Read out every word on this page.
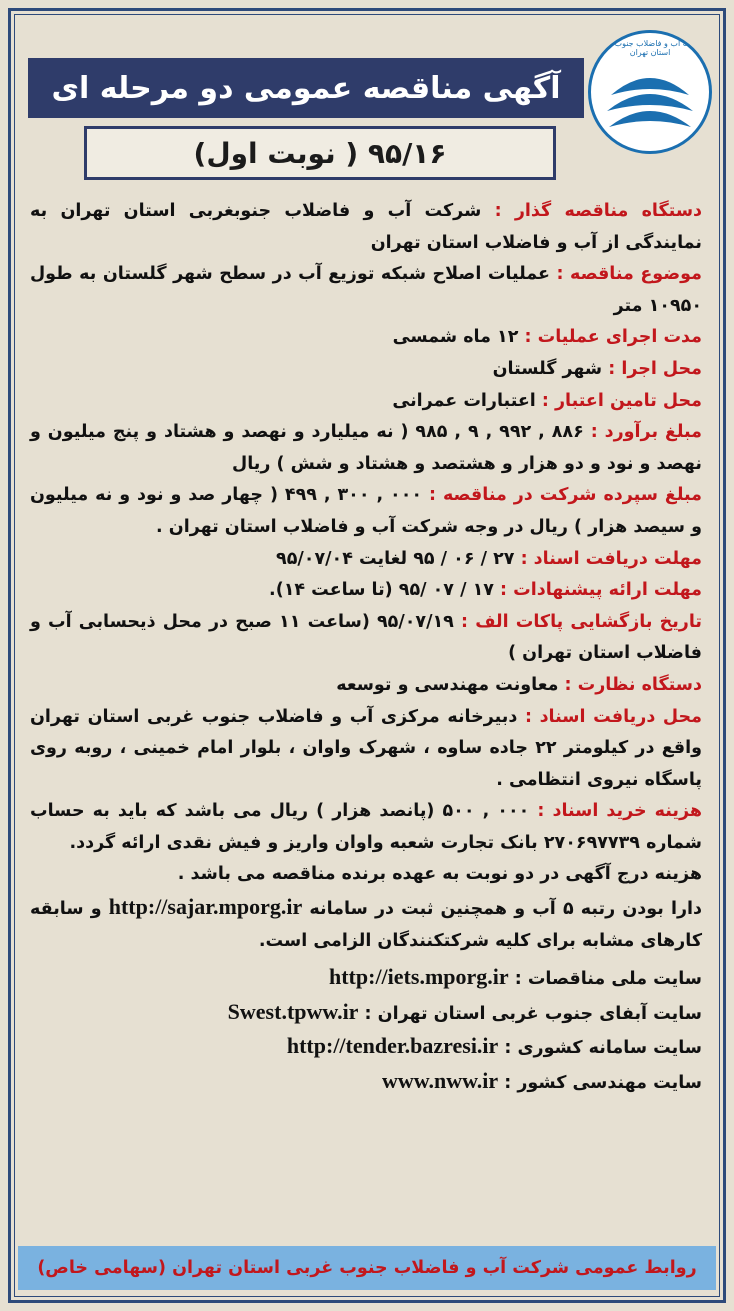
شرکت آب و فاضلاب جنوب غربی استان تهران
آگهی مناقصه عمومی دو مرحله ای
۹۵/۱۶ ( نوبت اول)

دستگاه مناقصه گذار : شرکت آب و فاضلاب جنوبغربی استان تهران به نمایندگی از آب و فاضلاب استان تهران

موضوع مناقصه : عملیات اصلاح شبکه توزیع آب در سطح شهر گلستان به طول ۱۰۹۵۰ متر

مدت اجرای عملیات : ۱۲ ماه شمسی

محل اجرا : شهر گلستان

محل تامین اعتبار : اعتبارات عمرانی

مبلغ برآورد : ۸۸۶ , ۹۹۲ , ۹ , ۹۸۵ ( نه میلیارد و نهصد و هشتاد و پنج میلیون و نهصد و نود و دو هزار و هشتصد و هشتاد و شش ) ریال

مبلغ سپرده شرکت در مناقصه : ۰۰۰ , ۳۰۰ , ۴۹۹ ( چهار صد و نود و نه میلیون و سیصد هزار ) ریال در وجه شرکت آب و فاضلاب استان تهران .

مهلت دریافت اسناد : ۲۷ / ۰۶ / ۹۵ لغایت ۹۵/۰۷/۰۴

مهلت ارائه پیشنهادات : ۱۷ / ۰۷ /۹۵ (تا ساعت ۱۴).

تاریخ بازگشایی پاکات الف : ۹۵/۰۷/۱۹ (ساعت ۱۱ صبح در محل ذیحسابی آب و فاضلاب استان تهران )

دستگاه نظارت : معاونت مهندسی و توسعه

محل دریافت اسناد : دبیرخانه مرکزی آب و فاضلاب جنوب غربی استان تهران واقع در کیلومتر ۲۲ جاده ساوه ، شهرک واوان ، بلوار امام خمینی ، روبه روی پاسگاه نیروی انتظامی .

هزینه خرید اسناد : ۰۰۰ , ۵۰۰ (پانصد هزار ) ریال می باشد که باید به حساب شماره ۲۷۰۶۹۷۷۳۹ بانک تجارت شعبه واوان واریز و فیش نقدی ارائه گردد.

هزینه درج آگهی در دو نوبت به عهده برنده مناقصه می باشد .

دارا بودن رتبه ۵ آب و همچنین ثبت در سامانه http://sajar.mporg.ir و سابقه کارهای مشابه برای کلیه شرکتکنندگان الزامی است.

سایت ملی مناقصات : http://iets.mporg.ir

سایت آبفای جنوب غربی استان تهران : Swest.tpww.ir

سایت سامانه کشوری : http://tender.bazresi.ir

سایت مهندسی کشور : www.nww.ir

روابط عمومی شرکت آب و فاضلاب جنوب غربی استان تهران (سهامی خاص)
